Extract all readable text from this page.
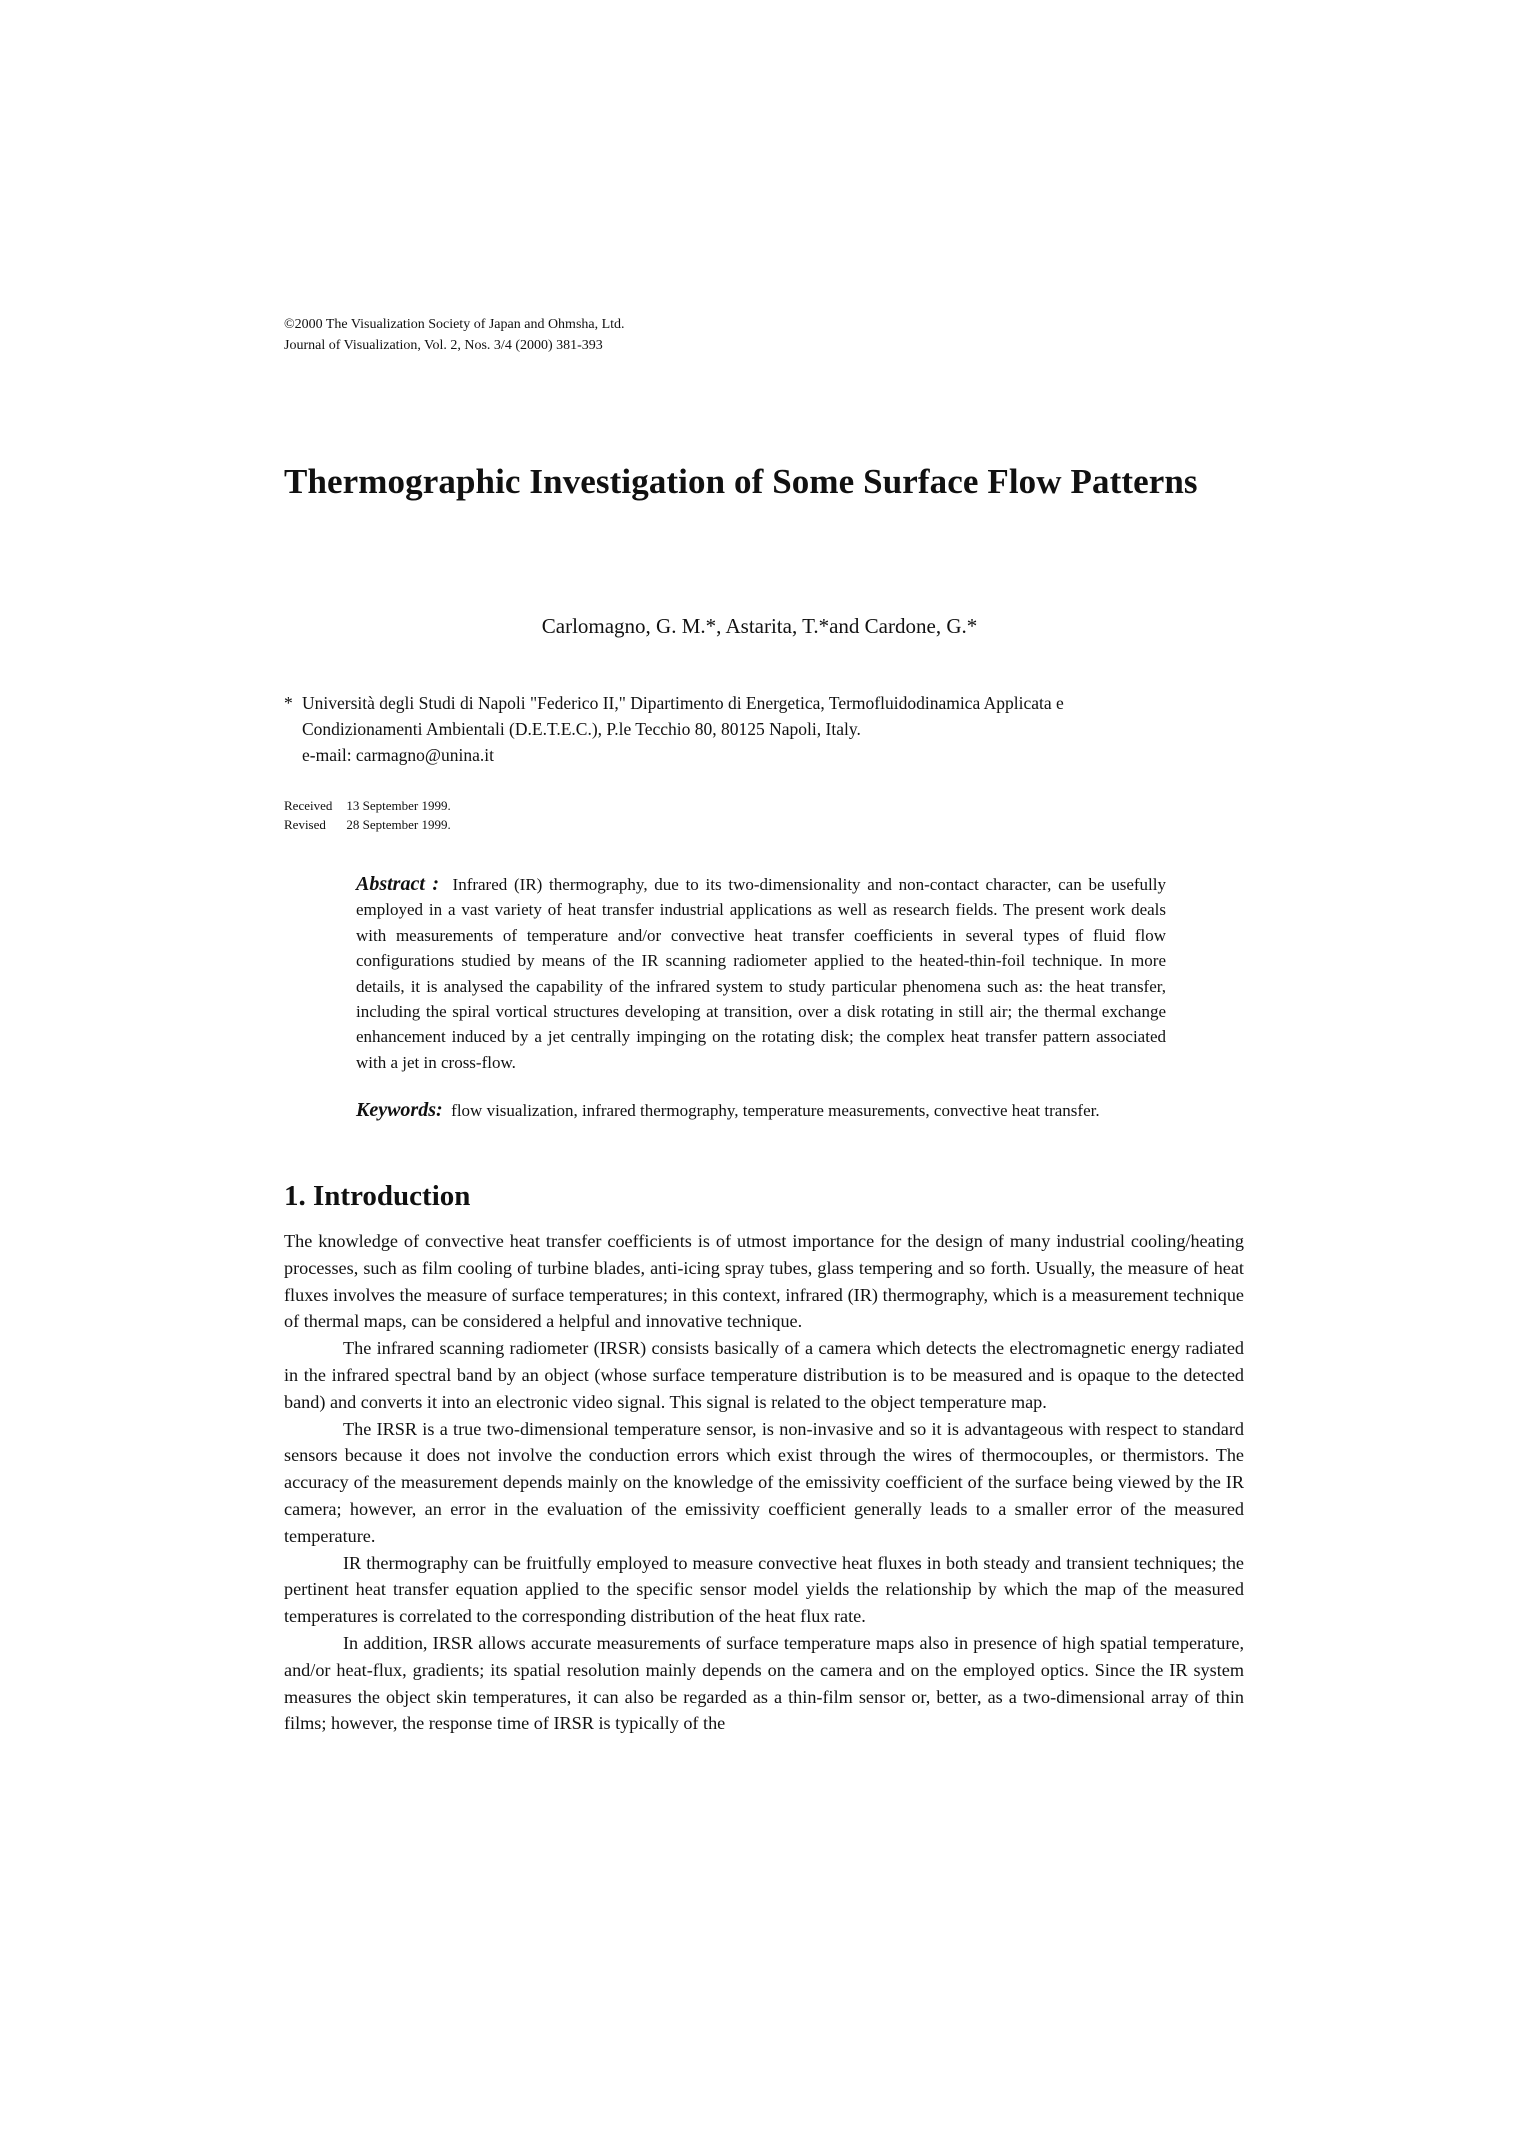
©2000 The Visualization Society of Japan and Ohmsha, Ltd.
Journal of Visualization, Vol. 2, Nos. 3/4 (2000) 381-393
Thermographic Investigation of Some Surface Flow Patterns
Carlomagno, G. M.*, Astarita, T.*and Cardone, G.*
* Università degli Studi di Napoli "Federico II," Dipartimento di Energetica, Termofluidodinamica Applicata e
Condizionamenti Ambientali (D.E.T.E.C.), P.le Tecchio 80, 80125 Napoli, Italy.
e-mail: carmagno@unina.it
Received	13 September 1999.
Revised	28 September 1999.
Abstract : Infrared (IR) thermography, due to its two-dimensionality and non-contact character, can be usefully employed in a vast variety of heat transfer industrial applications as well as research fields. The present work deals with measurements of temperature and/or convective heat transfer coefficients in several types of fluid flow configurations studied by means of the IR scanning radiometer applied to the heated-thin-foil technique. In more details, it is analysed the capability of the infrared system to study particular phenomena such as: the heat transfer, including the spiral vortical structures developing at transition, over a disk rotating in still air; the thermal exchange enhancement induced by a jet centrally impinging on the rotating disk; the complex heat transfer pattern associated with a jet in cross-flow.
Keywords: flow visualization, infrared thermography, temperature measurements, convective heat transfer.
1. Introduction

The knowledge of convective heat transfer coefficients is of utmost importance for the design of many industrial cooling/heating processes, such as film cooling of turbine blades, anti-icing spray tubes, glass tempering and so forth. Usually, the measure of heat fluxes involves the measure of surface temperatures; in this context, infrared (IR) thermography, which is a measurement technique of thermal maps, can be considered a helpful and innovative technique.

The infrared scanning radiometer (IRSR) consists basically of a camera which detects the electromagnetic energy radiated in the infrared spectral band by an object (whose surface temperature distribution is to be measured and is opaque to the detected band) and converts it into an electronic video signal. This signal is related to the object temperature map.

The IRSR is a true two-dimensional temperature sensor, is non-invasive and so it is advantageous with respect to standard sensors because it does not involve the conduction errors which exist through the wires of thermocouples, or thermistors. The accuracy of the measurement depends mainly on the knowledge of the emissivity coefficient of the surface being viewed by the IR camera; however, an error in the evaluation of the emissivity coefficient generally leads to a smaller error of the measured temperature.

IR thermography can be fruitfully employed to measure convective heat fluxes in both steady and transient techniques; the pertinent heat transfer equation applied to the specific sensor model yields the relationship by which the map of the measured temperatures is correlated to the corresponding distribution of the heat flux rate.

In addition, IRSR allows accurate measurements of surface temperature maps also in presence of high spatial temperature, and/or heat-flux, gradients; its spatial resolution mainly depends on the camera and on the employed optics. Since the IR system measures the object skin temperatures, it can also be regarded as a thin-film sensor or, better, as a two-dimensional array of thin films; however, the response time of IRSR is typically of the
